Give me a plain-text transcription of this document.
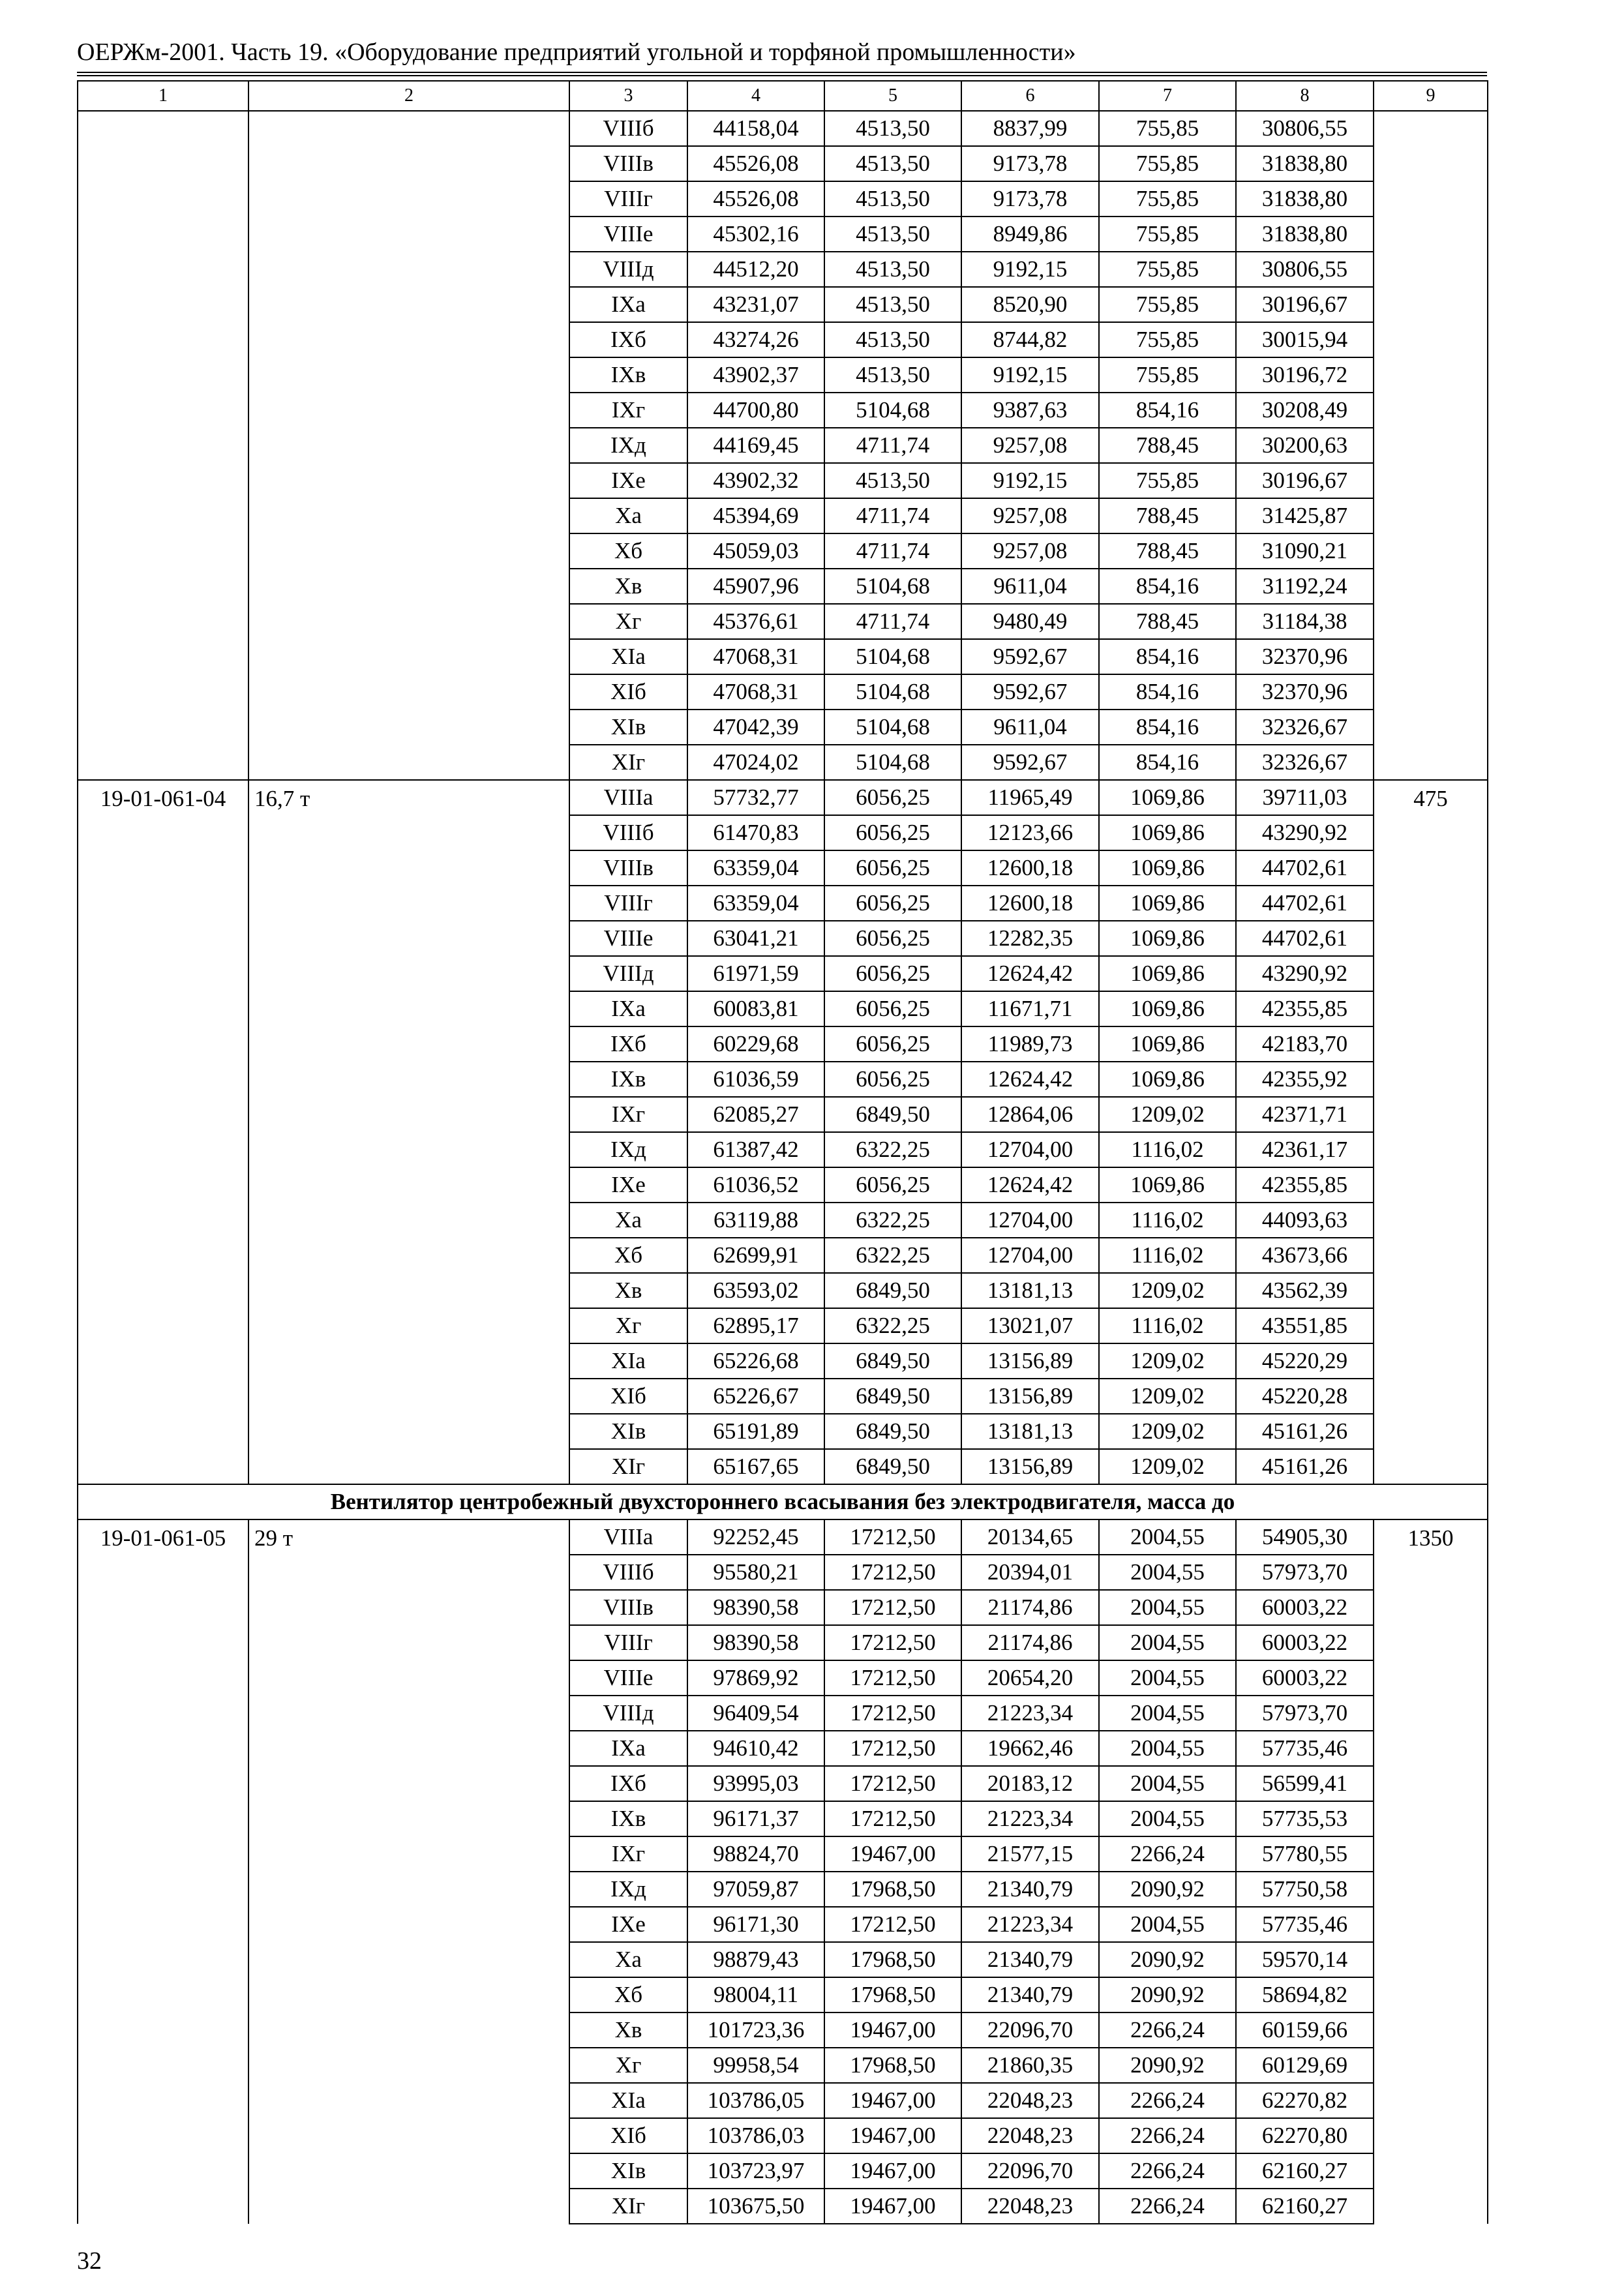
ОЕРЖм-2001. Часть 19. «Оборудование предприятий угольной и торфяной промышленности»
1	2	3	4	5	6	7	8	9
		VIIIб	44158,04	4513,50	8837,99	755,85	30806,55	
		VIIIв	45526,08	4513,50	9173,78	755,85	31838,80	
		VIIIг	45526,08	4513,50	9173,78	755,85	31838,80	
		VIIIе	45302,16	4513,50	8949,86	755,85	31838,80	
		VIIIд	44512,20	4513,50	9192,15	755,85	30806,55	
		IXа	43231,07	4513,50	8520,90	755,85	30196,67	
		IXб	43274,26	4513,50	8744,82	755,85	30015,94	
		IXв	43902,37	4513,50	9192,15	755,85	30196,72	
		IXг	44700,80	5104,68	9387,63	854,16	30208,49	
		IXд	44169,45	4711,74	9257,08	788,45	30200,63	
		IXе	43902,32	4513,50	9192,15	755,85	30196,67	
		Xа	45394,69	4711,74	9257,08	788,45	31425,87	
		Xб	45059,03	4711,74	9257,08	788,45	31090,21	
		Xв	45907,96	5104,68	9611,04	854,16	31192,24	
		Xг	45376,61	4711,74	9480,49	788,45	31184,38	
		XIа	47068,31	5104,68	9592,67	854,16	32370,96	
		XIб	47068,31	5104,68	9592,67	854,16	32370,96	
		XIв	47042,39	5104,68	9611,04	854,16	32326,67	
		XIг	47024,02	5104,68	9592,67	854,16	32326,67	
19-01-061-04	16,7 т	VIIIа	57732,77	6056,25	11965,49	1069,86	39711,03	475
		VIIIб	61470,83	6056,25	12123,66	1069,86	43290,92	
		VIIIв	63359,04	6056,25	12600,18	1069,86	44702,61	
		VIIIг	63359,04	6056,25	12600,18	1069,86	44702,61	
		VIIIе	63041,21	6056,25	12282,35	1069,86	44702,61	
		VIIIд	61971,59	6056,25	12624,42	1069,86	43290,92	
		IXа	60083,81	6056,25	11671,71	1069,86	42355,85	
		IXб	60229,68	6056,25	11989,73	1069,86	42183,70	
		IXв	61036,59	6056,25	12624,42	1069,86	42355,92	
		IXг	62085,27	6849,50	12864,06	1209,02	42371,71	
		IXд	61387,42	6322,25	12704,00	1116,02	42361,17	
		IXе	61036,52	6056,25	12624,42	1069,86	42355,85	
		Xа	63119,88	6322,25	12704,00	1116,02	44093,63	
		Xб	62699,91	6322,25	12704,00	1116,02	43673,66	
		Xв	63593,02	6849,50	13181,13	1209,02	43562,39	
		Xг	62895,17	6322,25	13021,07	1116,02	43551,85	
		XIа	65226,68	6849,50	13156,89	1209,02	45220,29	
		XIб	65226,67	6849,50	13156,89	1209,02	45220,28	
		XIв	65191,89	6849,50	13181,13	1209,02	45161,26	
		XIг	65167,65	6849,50	13156,89	1209,02	45161,26	
Вентилятор центробежный двухстороннего всасывания без электродвигателя, масса до								
19-01-061-05	29 т	VIIIа	92252,45	17212,50	20134,65	2004,55	54905,30	1350
		VIIIб	95580,21	17212,50	20394,01	2004,55	57973,70	
		VIIIв	98390,58	17212,50	21174,86	2004,55	60003,22	
		VIIIг	98390,58	17212,50	21174,86	2004,55	60003,22	
		VIIIе	97869,92	17212,50	20654,20	2004,55	60003,22	
		VIIIд	96409,54	17212,50	21223,34	2004,55	57973,70	
		IXа	94610,42	17212,50	19662,46	2004,55	57735,46	
		IXб	93995,03	17212,50	20183,12	2004,55	56599,41	
		IXв	96171,37	17212,50	21223,34	2004,55	57735,53	
		IXг	98824,70	19467,00	21577,15	2266,24	57780,55	
		IXд	97059,87	17968,50	21340,79	2090,92	57750,58	
		IXе	96171,30	17212,50	21223,34	2004,55	57735,46	
		Xа	98879,43	17968,50	21340,79	2090,92	59570,14	
		Xб	98004,11	17968,50	21340,79	2090,92	58694,82	
		Xв	101723,36	19467,00	22096,70	2266,24	60159,66	
		Xг	99958,54	17968,50	21860,35	2090,92	60129,69	
		XIа	103786,05	19467,00	22048,23	2266,24	62270,82	
		XIб	103786,03	19467,00	22048,23	2266,24	62270,80	
		XIв	103723,97	19467,00	22096,70	2266,24	62160,27	
		XIг	103675,50	19467,00	22048,23	2266,24	62160,27	
32
